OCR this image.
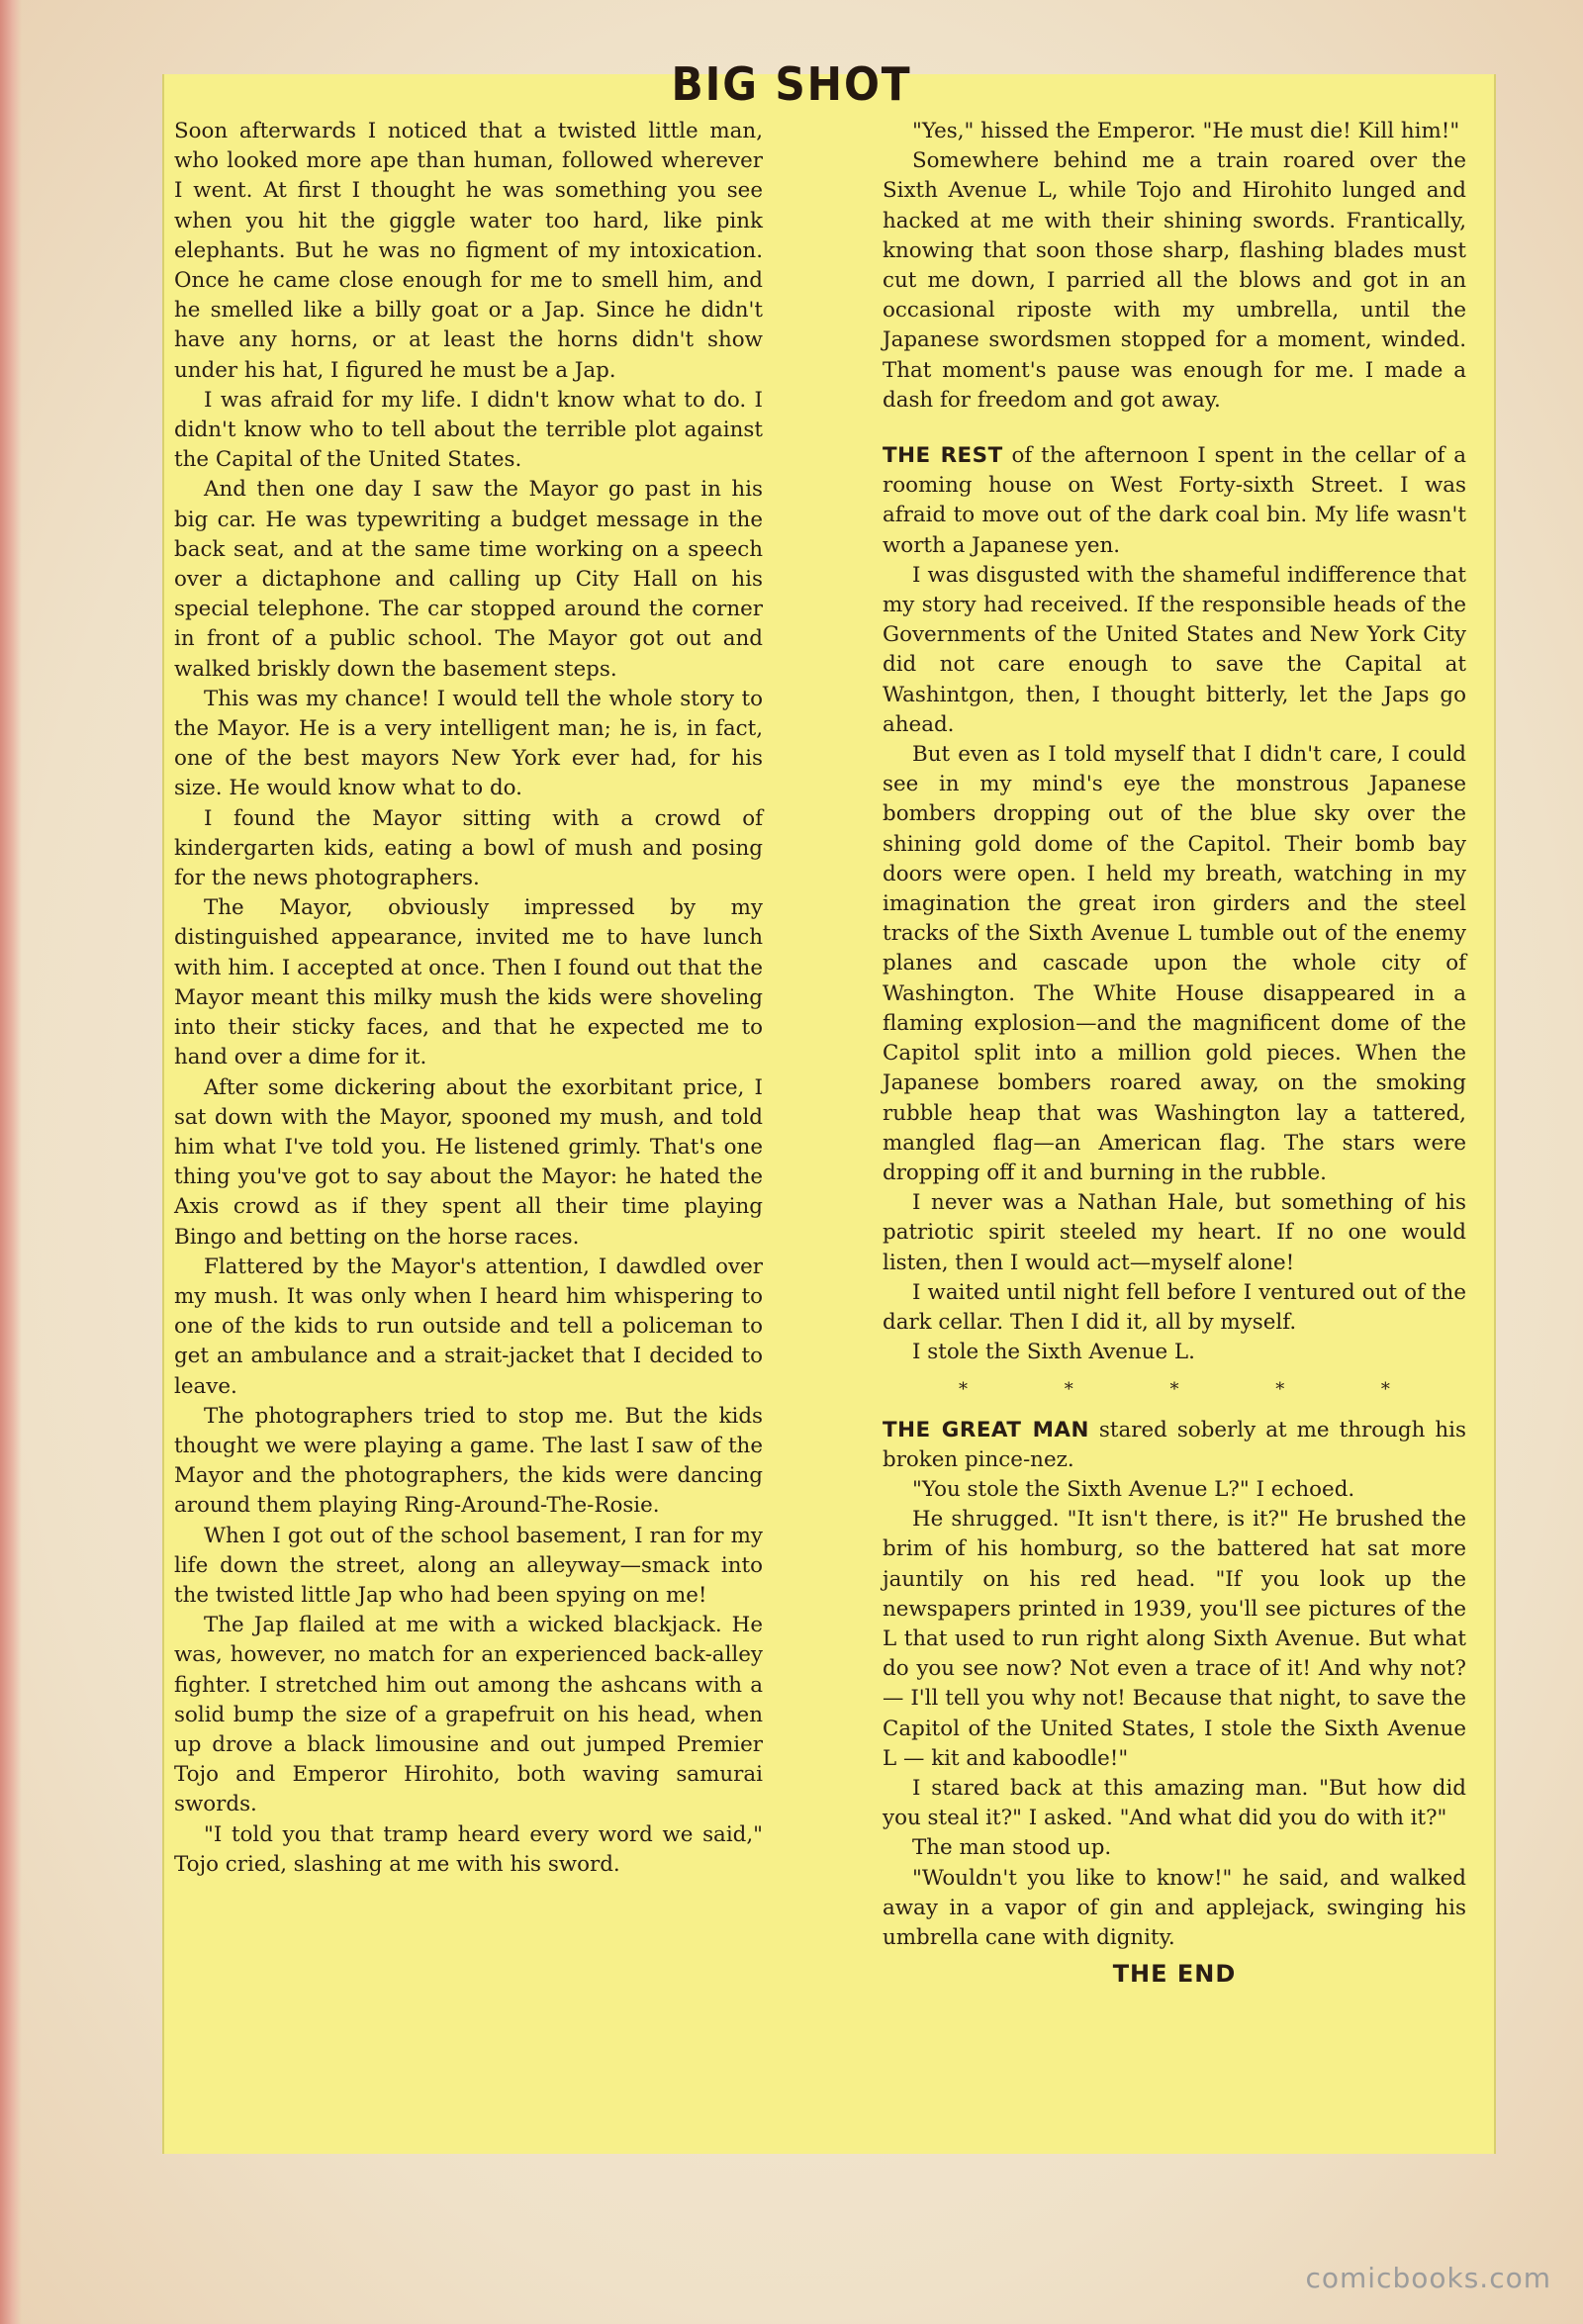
BIG SHOT

Soon afterwards I noticed that a twisted little man, who looked more ape than human, followed wherever I went. At first I thought he was something you see when you hit the giggle water too hard, like pink elephants. But he was no figment of my intoxication. Once he came close enough for me to smell him, and he smelled like a billy goat or a Jap. Since he didn't have any horns, or at least the horns didn't show under his hat, I figured he must be a Jap.

I was afraid for my life. I didn't know what to do. I didn't know who to tell about the terrible plot against the Capital of the United States.

And then one day I saw the Mayor go past in his big car. He was typewriting a budget message in the back seat, and at the same time working on a speech over a dictaphone and calling up City Hall on his special telephone. The car stopped around the corner in front of a public school. The Mayor got out and walked briskly down the basement steps.

This was my chance! I would tell the whole story to the Mayor. He is a very intelligent man; he is, in fact, one of the best mayors New York ever had, for his size. He would know what to do.

I found the Mayor sitting with a crowd of kindergarten kids, eating a bowl of mush and posing for the news photographers.

The Mayor, obviously impressed by my distinguished appearance, invited me to have lunch with him. I accepted at once. Then I found out that the Mayor meant this milky mush the kids were shoveling into their sticky faces, and that he expected me to hand over a dime for it.

After some dickering about the exorbitant price, I sat down with the Mayor, spooned my mush, and told him what I've told you. He listened grimly. That's one thing you've got to say about the Mayor: he hated the Axis crowd as if they spent all their time playing Bingo and betting on the horse races.

Flattered by the Mayor's attention, I dawdled over my mush. It was only when I heard him whispering to one of the kids to run outside and tell a policeman to get an ambulance and a strait-jacket that I decided to leave.

The photographers tried to stop me. But the kids thought we were playing a game. The last I saw of the Mayor and the photographers, the kids were dancing around them playing Ring-Around-The-Rosie.

When I got out of the school basement, I ran for my life down the street, along an alleyway—smack into the twisted little Jap who had been spying on me!

The Jap flailed at me with a wicked blackjack. He was, however, no match for an experienced back-alley fighter. I stretched him out among the ashcans with a solid bump the size of a grapefruit on his head, when up drove a black limousine and out jumped Premier Tojo and Emperor Hirohito, both waving samurai swords.

"I told you that tramp heard every word we said," Tojo cried, slashing at me with his sword.

"Yes," hissed the Emperor. "He must die! Kill him!"

Somewhere behind me a train roared over the Sixth Avenue L, while Tojo and Hirohito lunged and hacked at me with their shining swords. Frantically, knowing that soon those sharp, flashing blades must cut me down, I parried all the blows and got in an occasional riposte with my umbrella, until the Japanese swordsmen stopped for a moment, winded. That moment's pause was enough for me. I made a dash for freedom and got away.

THE REST of the afternoon I spent in the cellar of a rooming house on West Forty-sixth Street. I was afraid to move out of the dark coal bin. My life wasn't worth a Japanese yen.

I was disgusted with the shameful indifference that my story had received. If the responsible heads of the Governments of the United States and New York City did not care enough to save the Capital at Washintgon, then, I thought bitterly, let the Japs go ahead.

But even as I told myself that I didn't care, I could see in my mind's eye the monstrous Japanese bombers dropping out of the blue sky over the shining gold dome of the Capitol. Their bomb bay doors were open. I held my breath, watching in my imagination the great iron girders and the steel tracks of the Sixth Avenue L tumble out of the enemy planes and cascade upon the whole city of Washington. The White House disappeared in a flaming explosion—and the magnificent dome of the Capitol split into a million gold pieces. When the Japanese bombers roared away, on the smoking rubble heap that was Washington lay a tattered, mangled flag—an American flag. The stars were dropping off it and burning in the rubble.

I never was a Nathan Hale, but something of his patriotic spirit steeled my heart. If no one would listen, then I would act—myself alone!

I waited until night fell before I ventured out of the dark cellar. Then I did it, all by myself.

I stole the Sixth Avenue L.

* * * * *

THE GREAT MAN stared soberly at me through his broken pince-nez.

"You stole the Sixth Avenue L?" I echoed.

He shrugged. "It isn't there, is it?" He brushed the brim of his homburg, so the battered hat sat more jauntily on his red head. "If you look up the newspapers printed in 1939, you'll see pictures of the L that used to run right along Sixth Avenue. But what do you see now? Not even a trace of it! And why not? — I'll tell you why not! Because that night, to save the Capitol of the United States, I stole the Sixth Avenue L — kit and kaboodle!"

I stared back at this amazing man. "But how did you steal it?" I asked. "And what did you do with it?"

The man stood up.

"Wouldn't you like to know!" he said, and walked away in a vapor of gin and applejack, swinging his umbrella cane with dignity.

THE END
comicbooks.com
